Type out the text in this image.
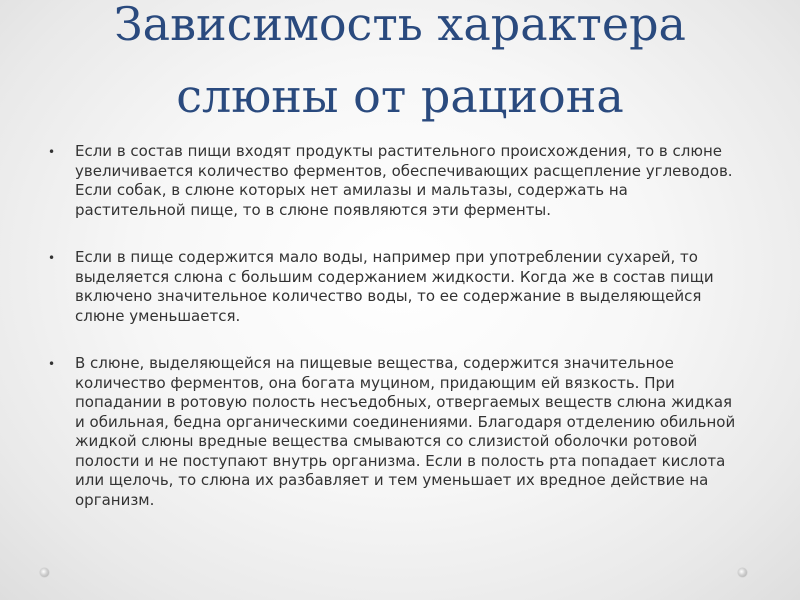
Зависимость характера
слюны от рациона
• Если в состав пищи входят продукты растительного происхождения, то в слюне увеличивается количество ферментов, обеспечивающих расщепление углеводов. Если собак, в слюне которых нет амилазы и мальтазы, содержать на растительной пище, то в слюне появляются эти ферменты.
• Если в пище содержится мало воды, например при употреблении сухарей, то выделяется слюна с большим содержанием жидкости. Когда же в состав пищи включено значительное количество воды, то ее содержание в выделяющейся слюне уменьшается.
• В слюне, выделяющейся на пищевые вещества, содержится значительное количество ферментов, она богата муцином, придающим ей вязкость. При попадании в ротовую полость несъедобных, отвергаемых веществ слюна жидкая и обильная, бедна органическими соединениями. Благодаря отделению обильной жидкой слюны вредные вещества смываются со слизистой оболочки ротовой полости и не поступают внутрь организма. Если в полость рта попадает кислота или щелочь, то слюна их разбавляет и тем уменьшает их вредное действие на организм.
